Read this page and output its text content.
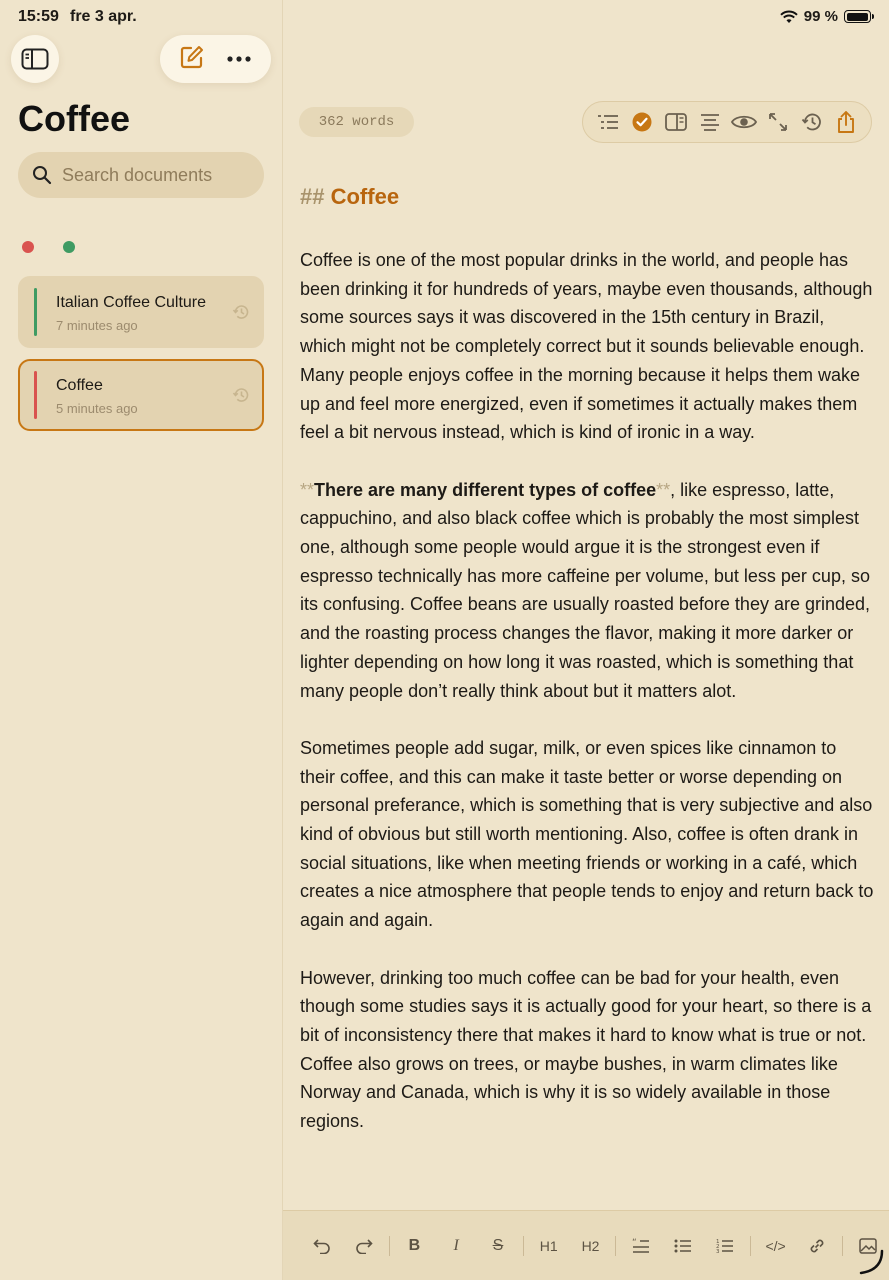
15:59 fre 3 apr.	99 %
Coffee
Search documents
Italian Coffee Culture
7 minutes ago
Coffee
5 minutes ago
362 words
## Coffee

Coffee is one of the most popular drinks in the world, and people has been drinking it for hundreds of years, maybe even thousands, although some sources says it was discovered in the 15th century in Brazil, which might not be completely correct but it sounds believable enough. Many people enjoys coffee in the morning because it helps them wake up and feel more energized, even if sometimes it actually makes them feel a bit nervous instead, which is kind of ironic in a way.

**There are many different types of coffee**, like espresso, latte, cappuchino, and also black coffee which is probably the most simplest one, although some people would argue it is the strongest even if espresso technically has more caffeine per volume, but less per cup, so its confusing. Coffee beans are usually roasted before they are grinded, and the roasting process changes the flavor, making it more darker or lighter depending on how long it was roasted, which is something that many people don’t really think about but it matters alot.

Sometimes people add sugar, milk, or even spices like cinnamon to their coffee, and this can make it taste better or worse depending on personal preferance, which is something that is very subjective and also kind of obvious but still worth mentioning. Also, coffee is often drank in social situations, like when meeting friends or working in a café, which creates a nice atmosphere that people tends to enjoy and return back to again and again.

However, drinking too much coffee can be bad for your health, even though some studies says it is actually good for your heart, so there is a bit of inconsistency there that makes it hard to know what is true or not. Coffee also grows on trees, or maybe bushes, in warm climates like Norway and Canada, which is why it is so widely available in those regions.

B	I	S	H1	H2	“	1
2
3	</>
